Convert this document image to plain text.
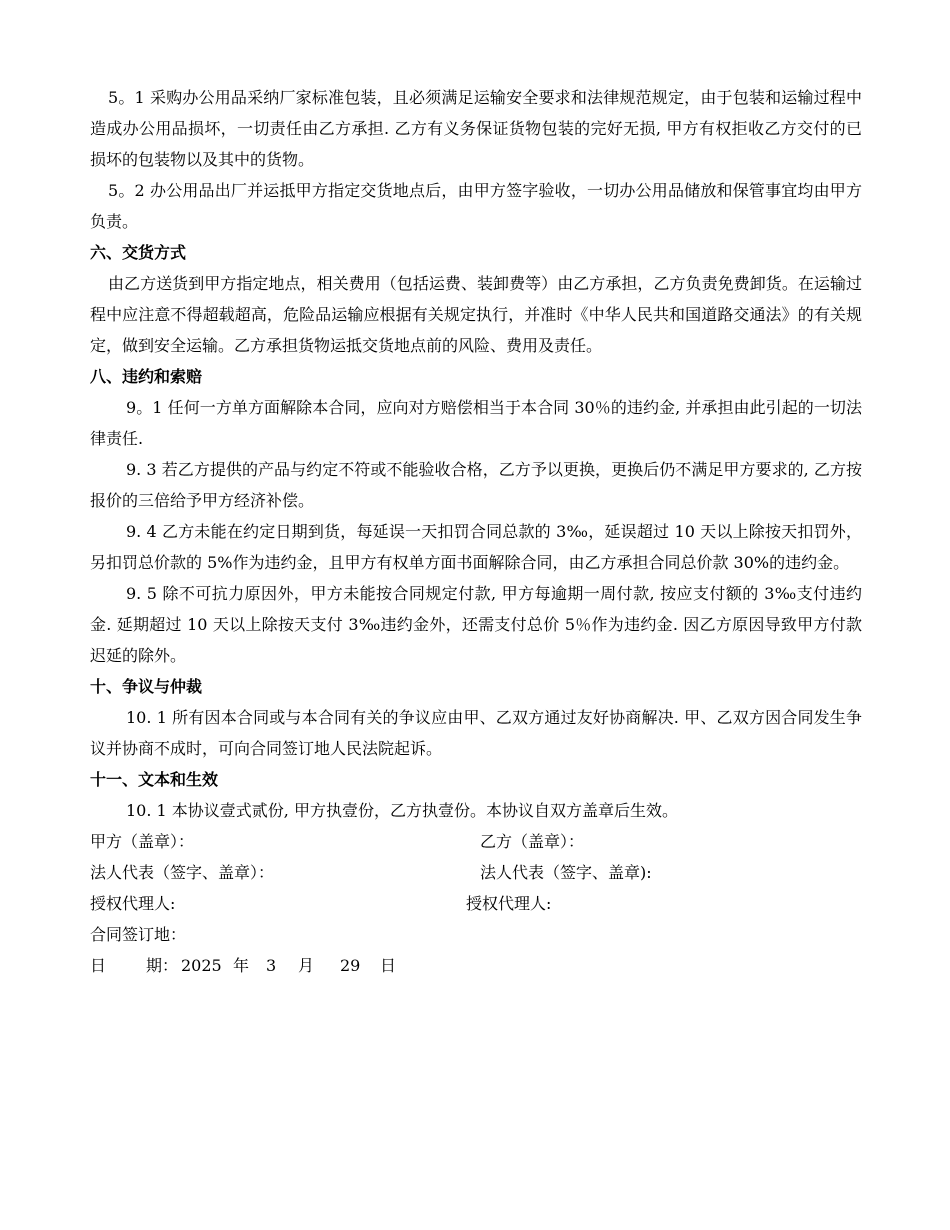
5。1 采购办公用品采纳厂家标准包装，且必须满足运输安全要求和法律规范规定，由于包装和运输过程中造成办公用品损坏，一切责任由乙方承担. 乙方有义务保证货物包装的完好无损, 甲方有权拒收乙方交付的已损坏的包装物以及其中的货物。

5。2 办公用品出厂并运抵甲方指定交货地点后，由甲方签字验收，一切办公用品储放和保管事宜均由甲方负责。

六、交货方式

由乙方送货到甲方指定地点，相关费用（包括运费、装卸费等）由乙方承担，乙方负责免费卸货。在运输过程中应注意不得超载超高，危险品运输应根据有关规定执行，并准时《中华人民共和国道路交通法》的有关规定，做到安全运输。乙方承担货物运抵交货地点前的风险、费用及责任。

八、违约和索赔

9。1 任何一方单方面解除本合同，应向对方赔偿相当于本合同 30％的违约金, 并承担由此引起的一切法律责任.

9. 3 若乙方提供的产品与约定不符或不能验收合格，乙方予以更换，更换后仍不满足甲方要求的, 乙方按报价的三倍给予甲方经济补偿。

9. 4 乙方未能在约定日期到货，每延误一天扣罚合同总款的 3‰，延误超过 10 天以上除按天扣罚外，另扣罚总价款的 5%作为违约金，且甲方有权单方面书面解除合同，由乙方承担合同总价款 30%的违约金。

9. 5 除不可抗力原因外，甲方未能按合同规定付款, 甲方每逾期一周付款, 按应支付额的 3‰支付违约金. 延期超过 10 天以上除按天支付 3‰违约金外，还需支付总价 5％作为违约金. 因乙方原因导致甲方付款迟延的除外。

十、争议与仲裁

10. 1 所有因本合同或与本合同有关的争议应由甲、乙双方通过友好协商解决. 甲、乙双方因合同发生争议并协商不成时，可向合同签订地人民法院起诉。

十一、文本和生效

10. 1 本协议壹式贰份, 甲方执壹份，乙方执壹份。本协议自双方盖章后生效。

甲方（盖章）：	乙方（盖章）：
法人代表（签字、盖章）：	法人代表（签字、盖章):
授权代理人:	授权代理人:
合同签订地：
日 期： 2025 年 3 月 29 日
